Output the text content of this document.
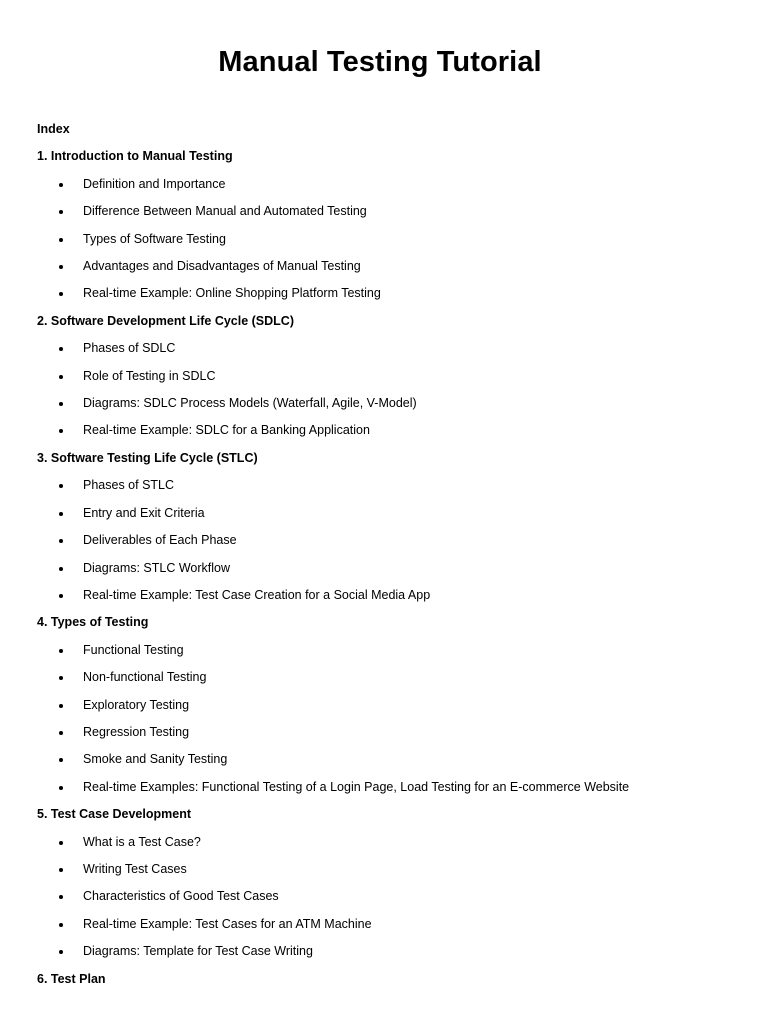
Manual Testing Tutorial

Index

1. Introduction to Manual Testing

Definition and Importance
Difference Between Manual and Automated Testing
Types of Software Testing
Advantages and Disadvantages of Manual Testing
Real-time Example: Online Shopping Platform Testing

2. Software Development Life Cycle (SDLC)

Phases of SDLC
Role of Testing in SDLC
Diagrams: SDLC Process Models (Waterfall, Agile, V-Model)
Real-time Example: SDLC for a Banking Application

3. Software Testing Life Cycle (STLC)

Phases of STLC
Entry and Exit Criteria
Deliverables of Each Phase
Diagrams: STLC Workflow
Real-time Example: Test Case Creation for a Social Media App

4. Types of Testing

Functional Testing
Non-functional Testing
Exploratory Testing
Regression Testing
Smoke and Sanity Testing
Real-time Examples: Functional Testing of a Login Page, Load Testing for an E-commerce Website

5. Test Case Development

What is a Test Case?
Writing Test Cases
Characteristics of Good Test Cases
Real-time Example: Test Cases for an ATM Machine
Diagrams: Template for Test Case Writing

6. Test Plan
